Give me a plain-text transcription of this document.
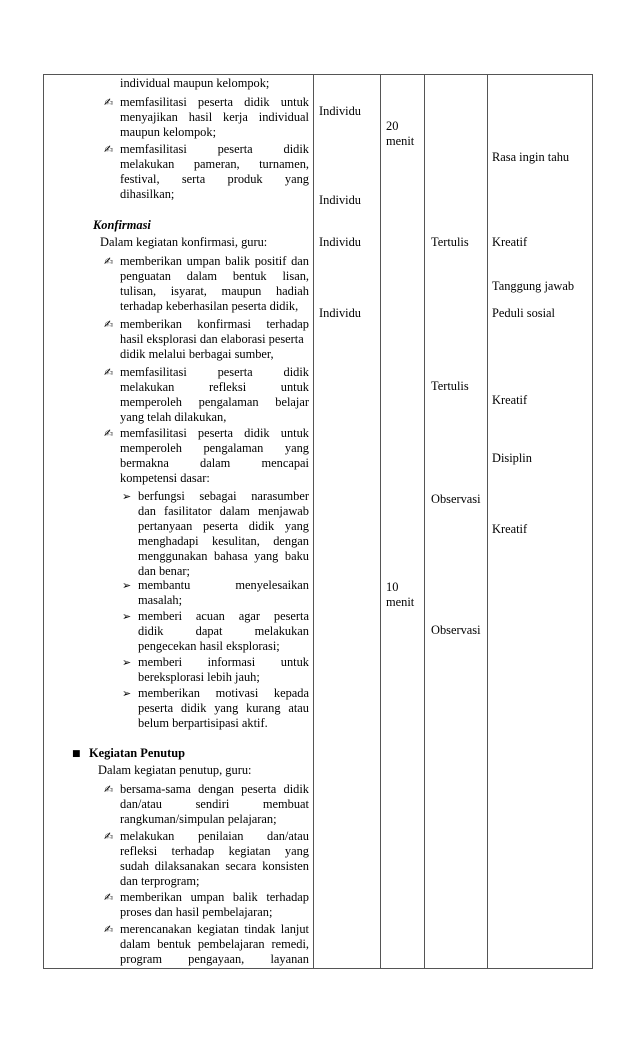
individual maupun kelompok;
✍ memfasilitasi peserta didik untuk
menyajikan hasil kerja individual
maupun kelompok;
✍ memfasilitasi peserta didik
melakukan pameran, turnamen,
festival, serta produk yang
dihasilkan;
Konfirmasi
Dalam kegiatan konfirmasi, guru:
✍ memberikan umpan balik positif dan
penguatan dalam bentuk lisan,
tulisan, isyarat, maupun hadiah
terhadap keberhasilan peserta didik,
✍ memberikan konfirmasi terhadap
hasil eksplorasi dan elaborasi peserta
didik melalui berbagai sumber,
✍ memfasilitasi peserta didik
melakukan refleksi untuk
memperoleh pengalaman belajar
yang telah dilakukan,
✍ memfasilitasi peserta didik untuk
memperoleh pengalaman yang
bermakna dalam mencapai
kompetensi dasar:
➢ berfungsi sebagai narasumber
dan fasilitator dalam menjawab
pertanyaan peserta didik yang
menghadapi kesulitan, dengan
menggunakan bahasa yang baku
dan benar;
➢ membantu menyelesaikan
masalah;
➢ memberi acuan agar peserta
didik dapat melakukan
pengecekan hasil eksplorasi;
➢ memberi informasi untuk
bereksplorasi lebih jauh;
➢ memberikan motivasi kepada
peserta didik yang kurang atau
belum berpartisipasi aktif.
■ Kegiatan Penutup
Dalam kegiatan penutup, guru:
✍ bersama-sama dengan peserta didik
dan/atau sendiri membuat
rangkuman/simpulan pelajaran;
✍ melakukan penilaian dan/atau
refleksi terhadap kegiatan yang
sudah dilaksanakan secara konsisten
dan terprogram;
✍ memberikan umpan balik terhadap
proses dan hasil pembelajaran;
✍ merencanakan kegiatan tindak lanjut
dalam bentuk pembelajaran remedi,
program pengayaan, layanan
Individu
Individu
Individu
Individu
20
menit
10
menit
Tertulis
Tertulis
Observasi
Observasi
Rasa ingin tahu
Kreatif
Tanggung jawab
Peduli sosial
Kreatif
Disiplin
Kreatif
